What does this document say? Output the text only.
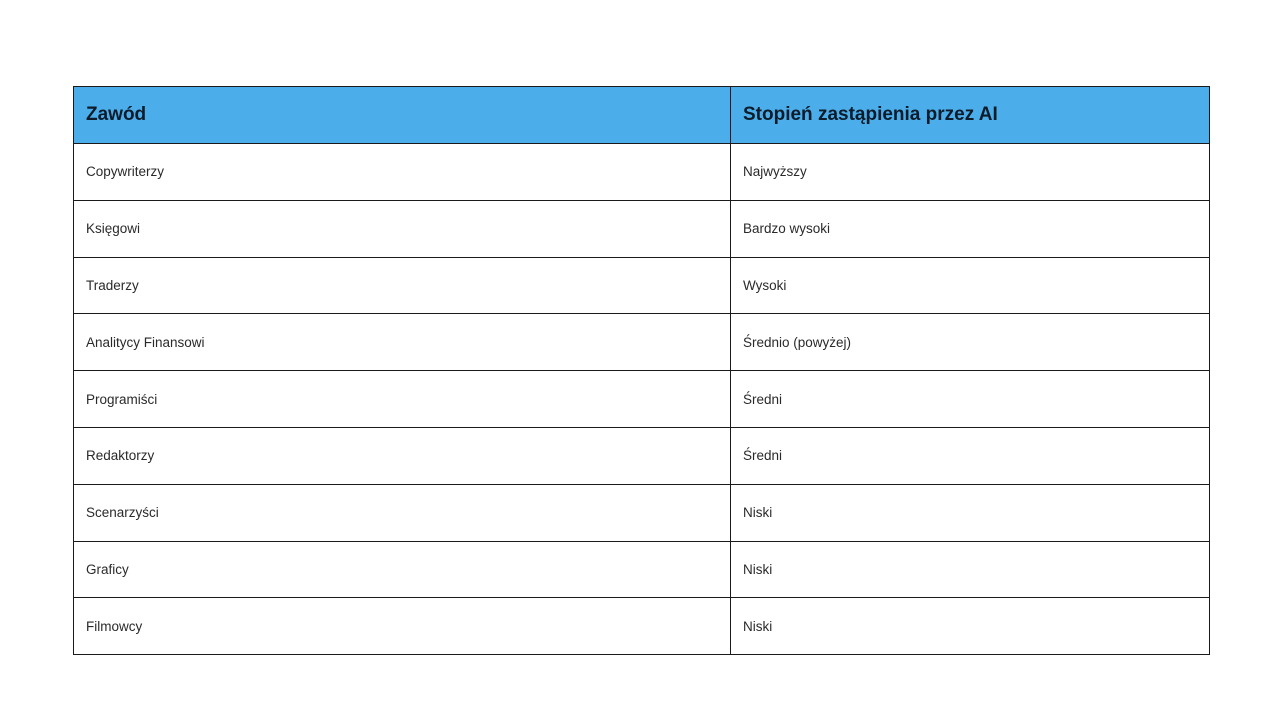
Zawód	Stopień zastąpienia przez AI
Copywriterzy	Najwyższy
Księgowi	Bardzo wysoki
Traderzy	Wysoki
Analitycy Finansowi	Średnio (powyżej)
Programiści	Średni
Redaktorzy	Średni
Scenarzyści	Niski
Graficy	Niski
Filmowcy	Niski
